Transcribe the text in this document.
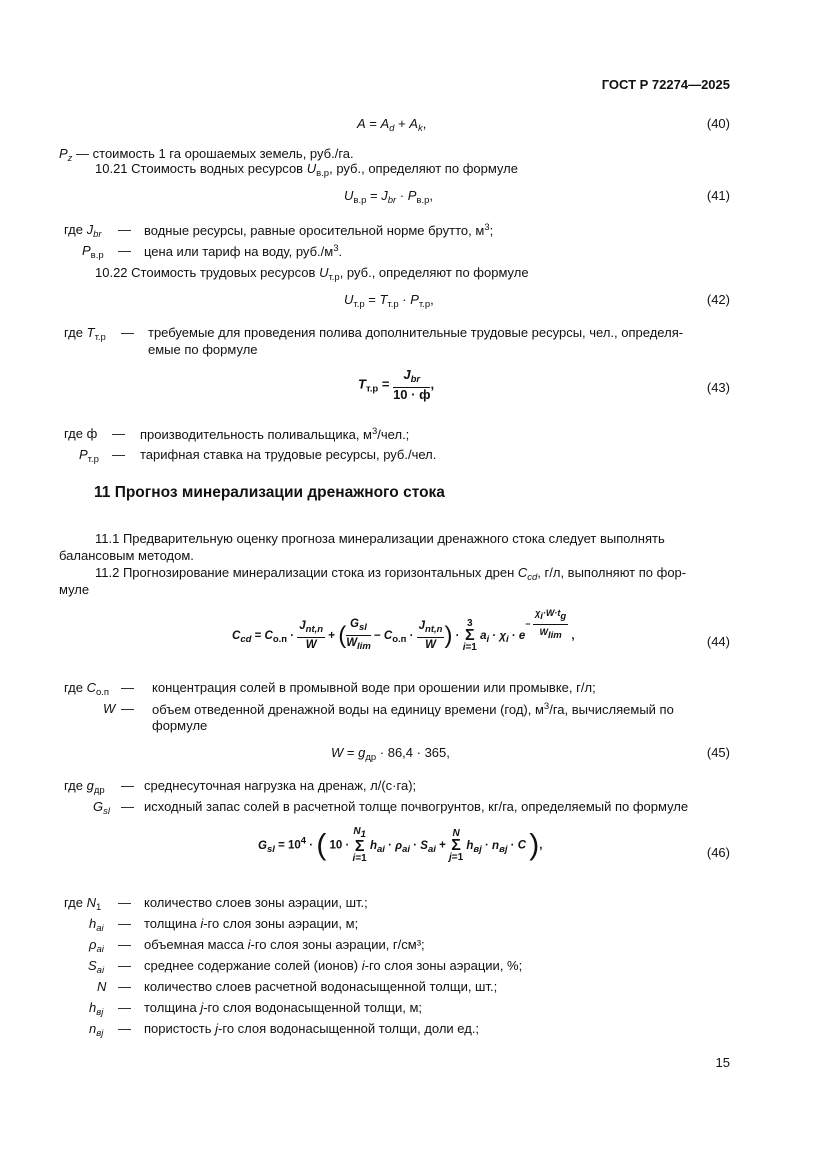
ГОСТ Р 72274—2025
$A = A_d + A_k$,	(40)
$P_z$ — стоимость 1 га орошаемых земель, руб./га.
10.21 Стоимость водных ресурсов $U_{в.р}$, руб., определяют по формуле
$U_{в.р} = J_{br} \cdot P_{в.р}$,	(41)
где $J_{br}$ — водные ресурсы, равные оросительной норме брутто, $м^3$;
$P_{в.р}$ — цена или тариф на воду, $руб./м^3$.
10.22 Стоимость трудовых ресурсов $U_{т.р}$, руб., определяют по формуле
$U_{т.р} = T_{т.р} \cdot P_{т.р}$,	(42)
где $T_{т.р}$ — требуемые для проведения полива дополнительные трудовые ресурсы, чел., определя-
емые по формуле
$T_{т.р} = \frac{J_{br}}{10 \cdot ф}$ ,	(43)
где ф — производительность поливальщика, $м^3$/чел.;
$P_{т.р}$ — тарифная ставка на трудовые ресурсы, руб./чел.
11 Прогноз минерализации дренажного стока
11.1 Предварительную оценку прогноза минерализации дренажного стока следует выполнять
балансовым методом.
11.2 Прогнозирование минерализации стока из горизонтальных дрен $C_{cd}$, г/л, выполняют по фор-
муле
$C_{cd} = C_{о.п} \cdot \frac{J_{nt,n}}{W}$ + ( $\frac{G_{sl}}{W_{lim}} - C_{о.п} \cdot \frac{J_{nt,n}}{W}$ ) ·
3
Σ
i=1
$a_i \cdot \chi_i \cdot e^{- \frac{\chi_i\cdot W\cdot t_g}{W_{lim}}}$ ,	(44)
где $C_{о.п}$ — концентрация солей в промывной воде при орошении или промывке, г/л;
W — объем отведенной дренажной воды на единицу времени (год), $м^3/га$, вычисляемый по
формуле
$W = g_{др} \cdot 86,4 \cdot 365$,	(45)
где $g_{др}$ — среднесуточная нагрузка на дренаж, л/(с·га);
$G_{sl}$ — исходный запас солей в расчетной толще почвогрунтов, кг/га, определяемый по формуле
$G_{sl} = 10^4$ · ( 10 ·
$N_1$
Σ
i=1
$h_{ai} \cdot \rho_{ai} \cdot S_{ai}$ +
N
Σ
j=1
$h_{вj} \cdot n_{вj} \cdot C$ ),	(46)
где $N_1$ — количество слоев зоны аэрации, шт.;
$h_{ai}$ — толщина i-го слоя зоны аэрации, м;
$\rho_{ai}$ — объемная масса i-го слоя зоны аэрации, г/см³;
$S_{ai}$ — среднее содержание солей (ионов) i-го слоя зоны аэрации, %;
N — количество слоев расчетной водонасыщенной толщи, шт.;
$h_{вj}$ — толщина j-го слоя водонасыщенной толщи, м;
$n_{вj}$ — пористость j-го слоя водонасыщенной толщи, доли ед.;
15
